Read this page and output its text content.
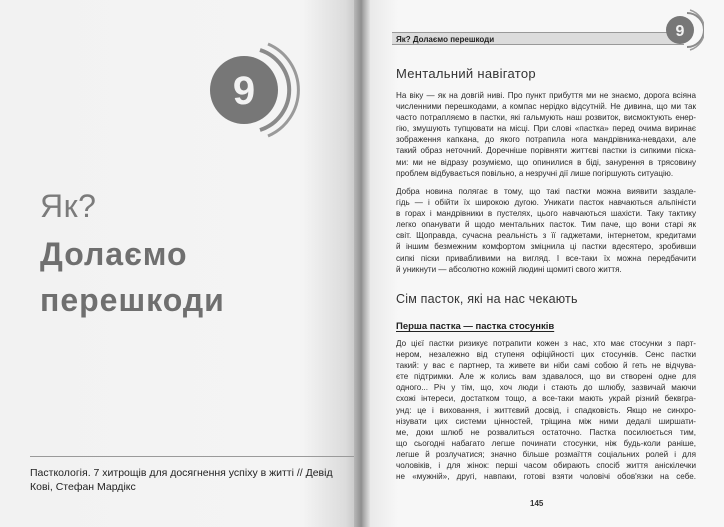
9
Як?
Долаємо
перешкоди
Пасткологія. 7 хитрощів для досягнення успіху в житті // Девід Кові, Стефан Мардікс
Як? Долаємо перешкоди	9
Ментальний навігатор
На віку — як на довгій ниві. Про пункт прибуття ми не знаємо, дорога всіяна
численними перешкодами, а компас нерідко відсутній. Не дивина, що ми так
часто потрапляємо в пастки, які гальмують наш розвиток, висмоктують енер-
гію, змушують тупцювати на місці. При слові «пастка» перед очима виринає
зображення капкана, до якого потрапила нога мандрівника-невдахи, але
такий образ неточний. Доречніше порівняти життєві пастки із сипкими піска-
ми: ми не відразу розуміємо, що опинилися в біді, занурення в трясовину
проблем відбувається повільно, а незручні дії лише погіршують ситуацію.
Добра новина полягає в тому, що такі пастки можна виявити заздале-
гідь — і обійти їх широкою дугою. Уникати пасток навчаються альпіністи
в горах і мандрівники в пустелях, цього навчаються шахісти. Таку тактику
легко опанувати й щодо ментальних пасток. Тим паче, що вони старі як
світ. Щоправда, сучасна реальність з її гаджетами, інтернетом, кредитами
й іншим безмежним комфортом зміцнила ці пастки вдесятеро, зробивши
сипкі піски привабливими на вигляд. І все-таки їх можна передбачити
й уникнути — абсолютно кожній людині щомиті свого життя.
Сім пасток, які на нас чекають
Перша пастка — пастка стосунків
До цієї пастки ризикує потрапити кожен з нас, хто має стосунки з парт-
нером, незалежно від ступеня офіційності цих стосунків. Сенс пастки
такий: у вас є партнер, та живете ви ніби самі собою й геть не відчува-
єте підтримки. Але ж колись вам здавалося, що ви створені одне для
одного... Річ у тім, що, хоч люди і стають до шлюбу, зазвичай маючи
схожі інтереси, достатком тощо, а все-таки мають украй різний беквгра-
унд: це і виховання, і життєвий досвід, і спадковість. Якщо не синхро-
нізувати цих системи цінностей, тріщина між ними дедалі ширшати-
ме, доки шлюб не розвалиться остаточно. Пастка посилюється тим,
що сьогодні набагато легше починати стосунки, ніж будь-коли раніше,
легше й розлучатися; значно більше розмаїття соціальних ролей і для
чоловіків, і для жінок: перші часом обирають спосіб життя аніскілечки
не «мужній», другі, навпаки, готові взяти чоловічі обов'язки на себе.
145
